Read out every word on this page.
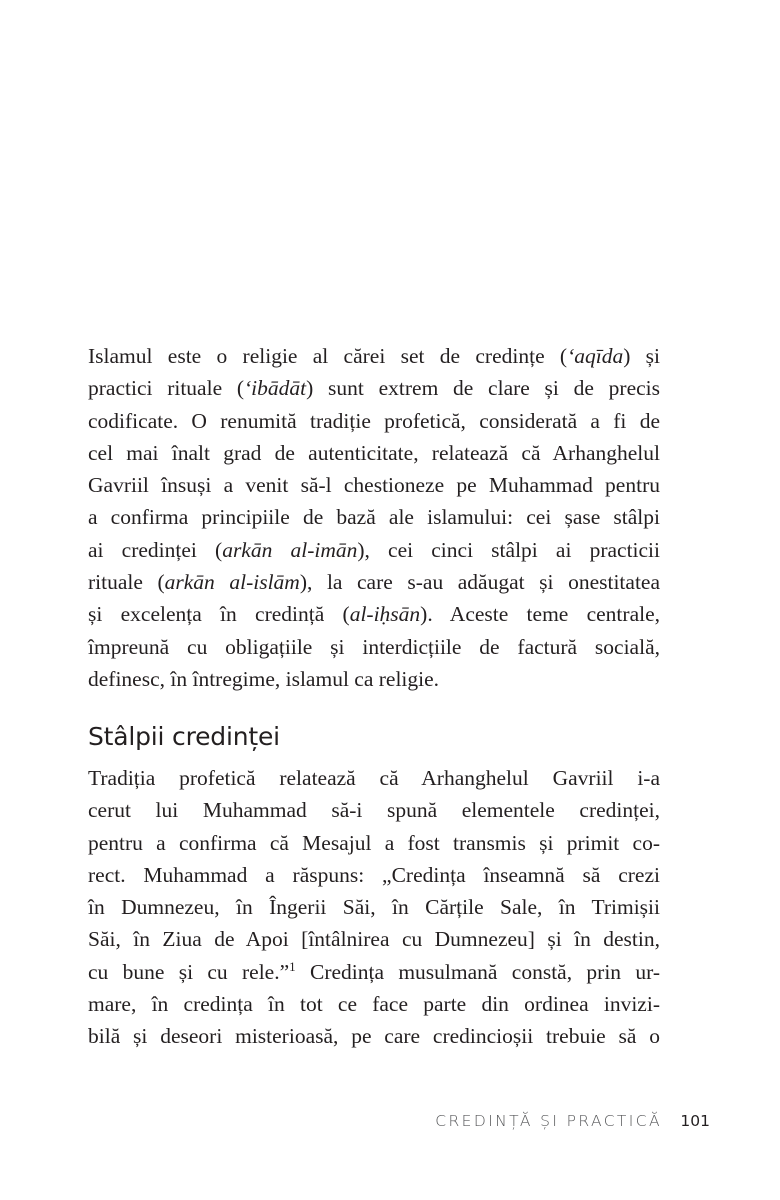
Islamul este o religie al cărei set de credințe (‘aqīda) și
practici rituale (‘ibādāt) sunt extrem de clare și de precis
codificate. O renumită tradiție profetică, considerată a fi de
cel mai înalt grad de autenticitate, relatează că Arhanghelul
Gavriil însuși a venit să-l chestioneze pe Muhammad pentru
a confirma principiile de bază ale islamului: cei șase stâlpi
ai credinței (arkān al-imān), cei cinci stâlpi ai practicii
rituale (arkān al-islām), la care s-au adăugat și onestitatea
și excelența în credință (al-iḥsān). Aceste teme centrale,
împreună cu obligațiile și interdicțiile de factură socială,
definesc, în întregime, islamul ca religie.
Stâlpii credinței
Tradiția profetică relatează că Arhanghelul Gavriil i-a
cerut lui Muhammad să-i spună elementele credinței,
pentru a confirma că Mesajul a fost transmis și primit co-
rect. Muhammad a răspuns: „Credința înseamnă să crezi
în Dumnezeu, în Îngerii Săi, în Cărțile Sale, în Trimișii
Săi, în Ziua de Apoi [întâlnirea cu Dumnezeu] și în destin,
cu bune și cu rele.”$^1$ Credința musulmană constă, prin ur-
mare, în credința în tot ce face parte din ordinea invizi-
bilă și deseori misterioasă, pe care credincioșii trebuie să o
CREDINȚĂ ȘI PRACTICĂ 101
